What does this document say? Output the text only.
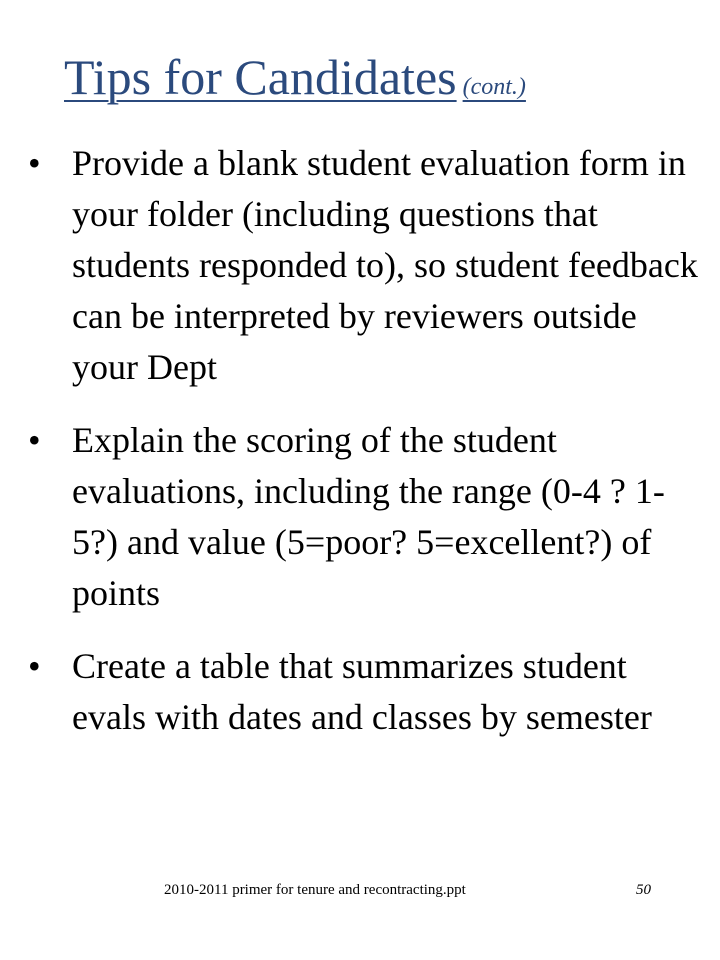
Tips for Candidates (cont.)
• Provide a blank student evaluation form in your folder (including questions that students responded to), so student feedback can be interpreted by reviewers outside your Dept
• Explain the scoring of the student evaluations, including the range (0-4 ? 1-5?) and value (5=poor? 5=excellent?) of points
• Create a table that summarizes student evals with dates and classes by semester
2010-2011 primer for tenure and recontracting.ppt	50
